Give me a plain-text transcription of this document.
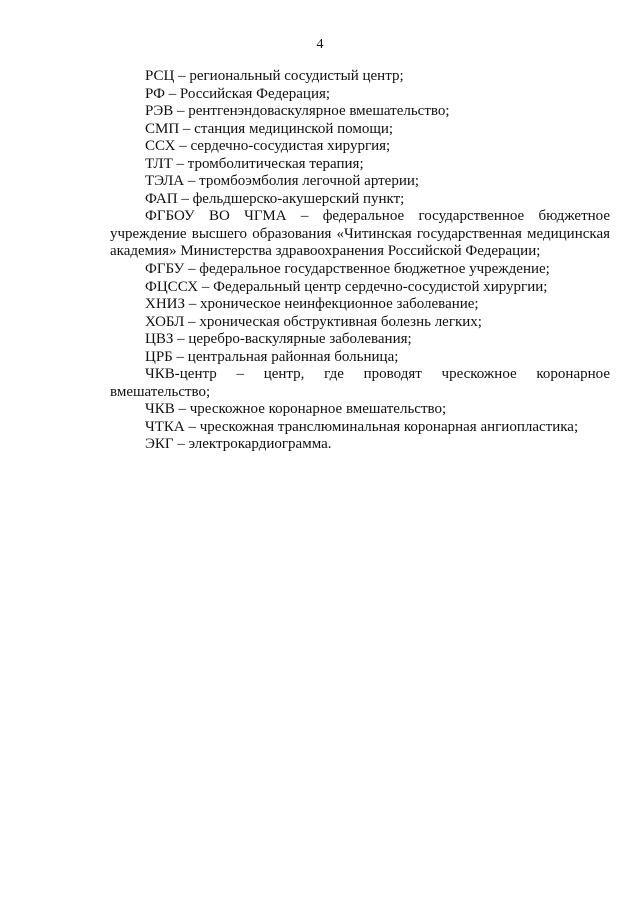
4

РСЦ – региональный сосудистый центр;

РФ – Российская Федерация;

РЭВ – рентгенэндоваскулярное вмешательство;

СМП – станция медицинской помощи;

ССХ – сердечно-сосудистая хирургия;

ТЛТ – тромболитическая терапия;

ТЭЛА – тромбоэмболия легочной артерии;

ФАП – фельдшерско-акушерский пункт;

ФГБОУ ВО ЧГМА – федеральное государственное бюджетное учреждение высшего образования «Читинская государственная медицинская академия» Министерства здравоохранения Российской Федерации;

ФГБУ – федеральное государственное бюджетное учреждение;

ФЦССХ – Федеральный центр сердечно-сосудистой хирургии;

ХНИЗ – хроническое неинфекционное заболевание;

ХОБЛ – хроническая обструктивная болезнь легких;

ЦВЗ – церебро-васкулярные заболевания;

ЦРБ – центральная районная больница;

ЧКВ-центр – центр, где проводят чрескожное коронарное вмешательство;

ЧКВ – чрескожное коронарное вмешательство;

ЧТКА – чрескожная транслюминальная коронарная ангиопластика;

ЭКГ – электрокардиограмма.
